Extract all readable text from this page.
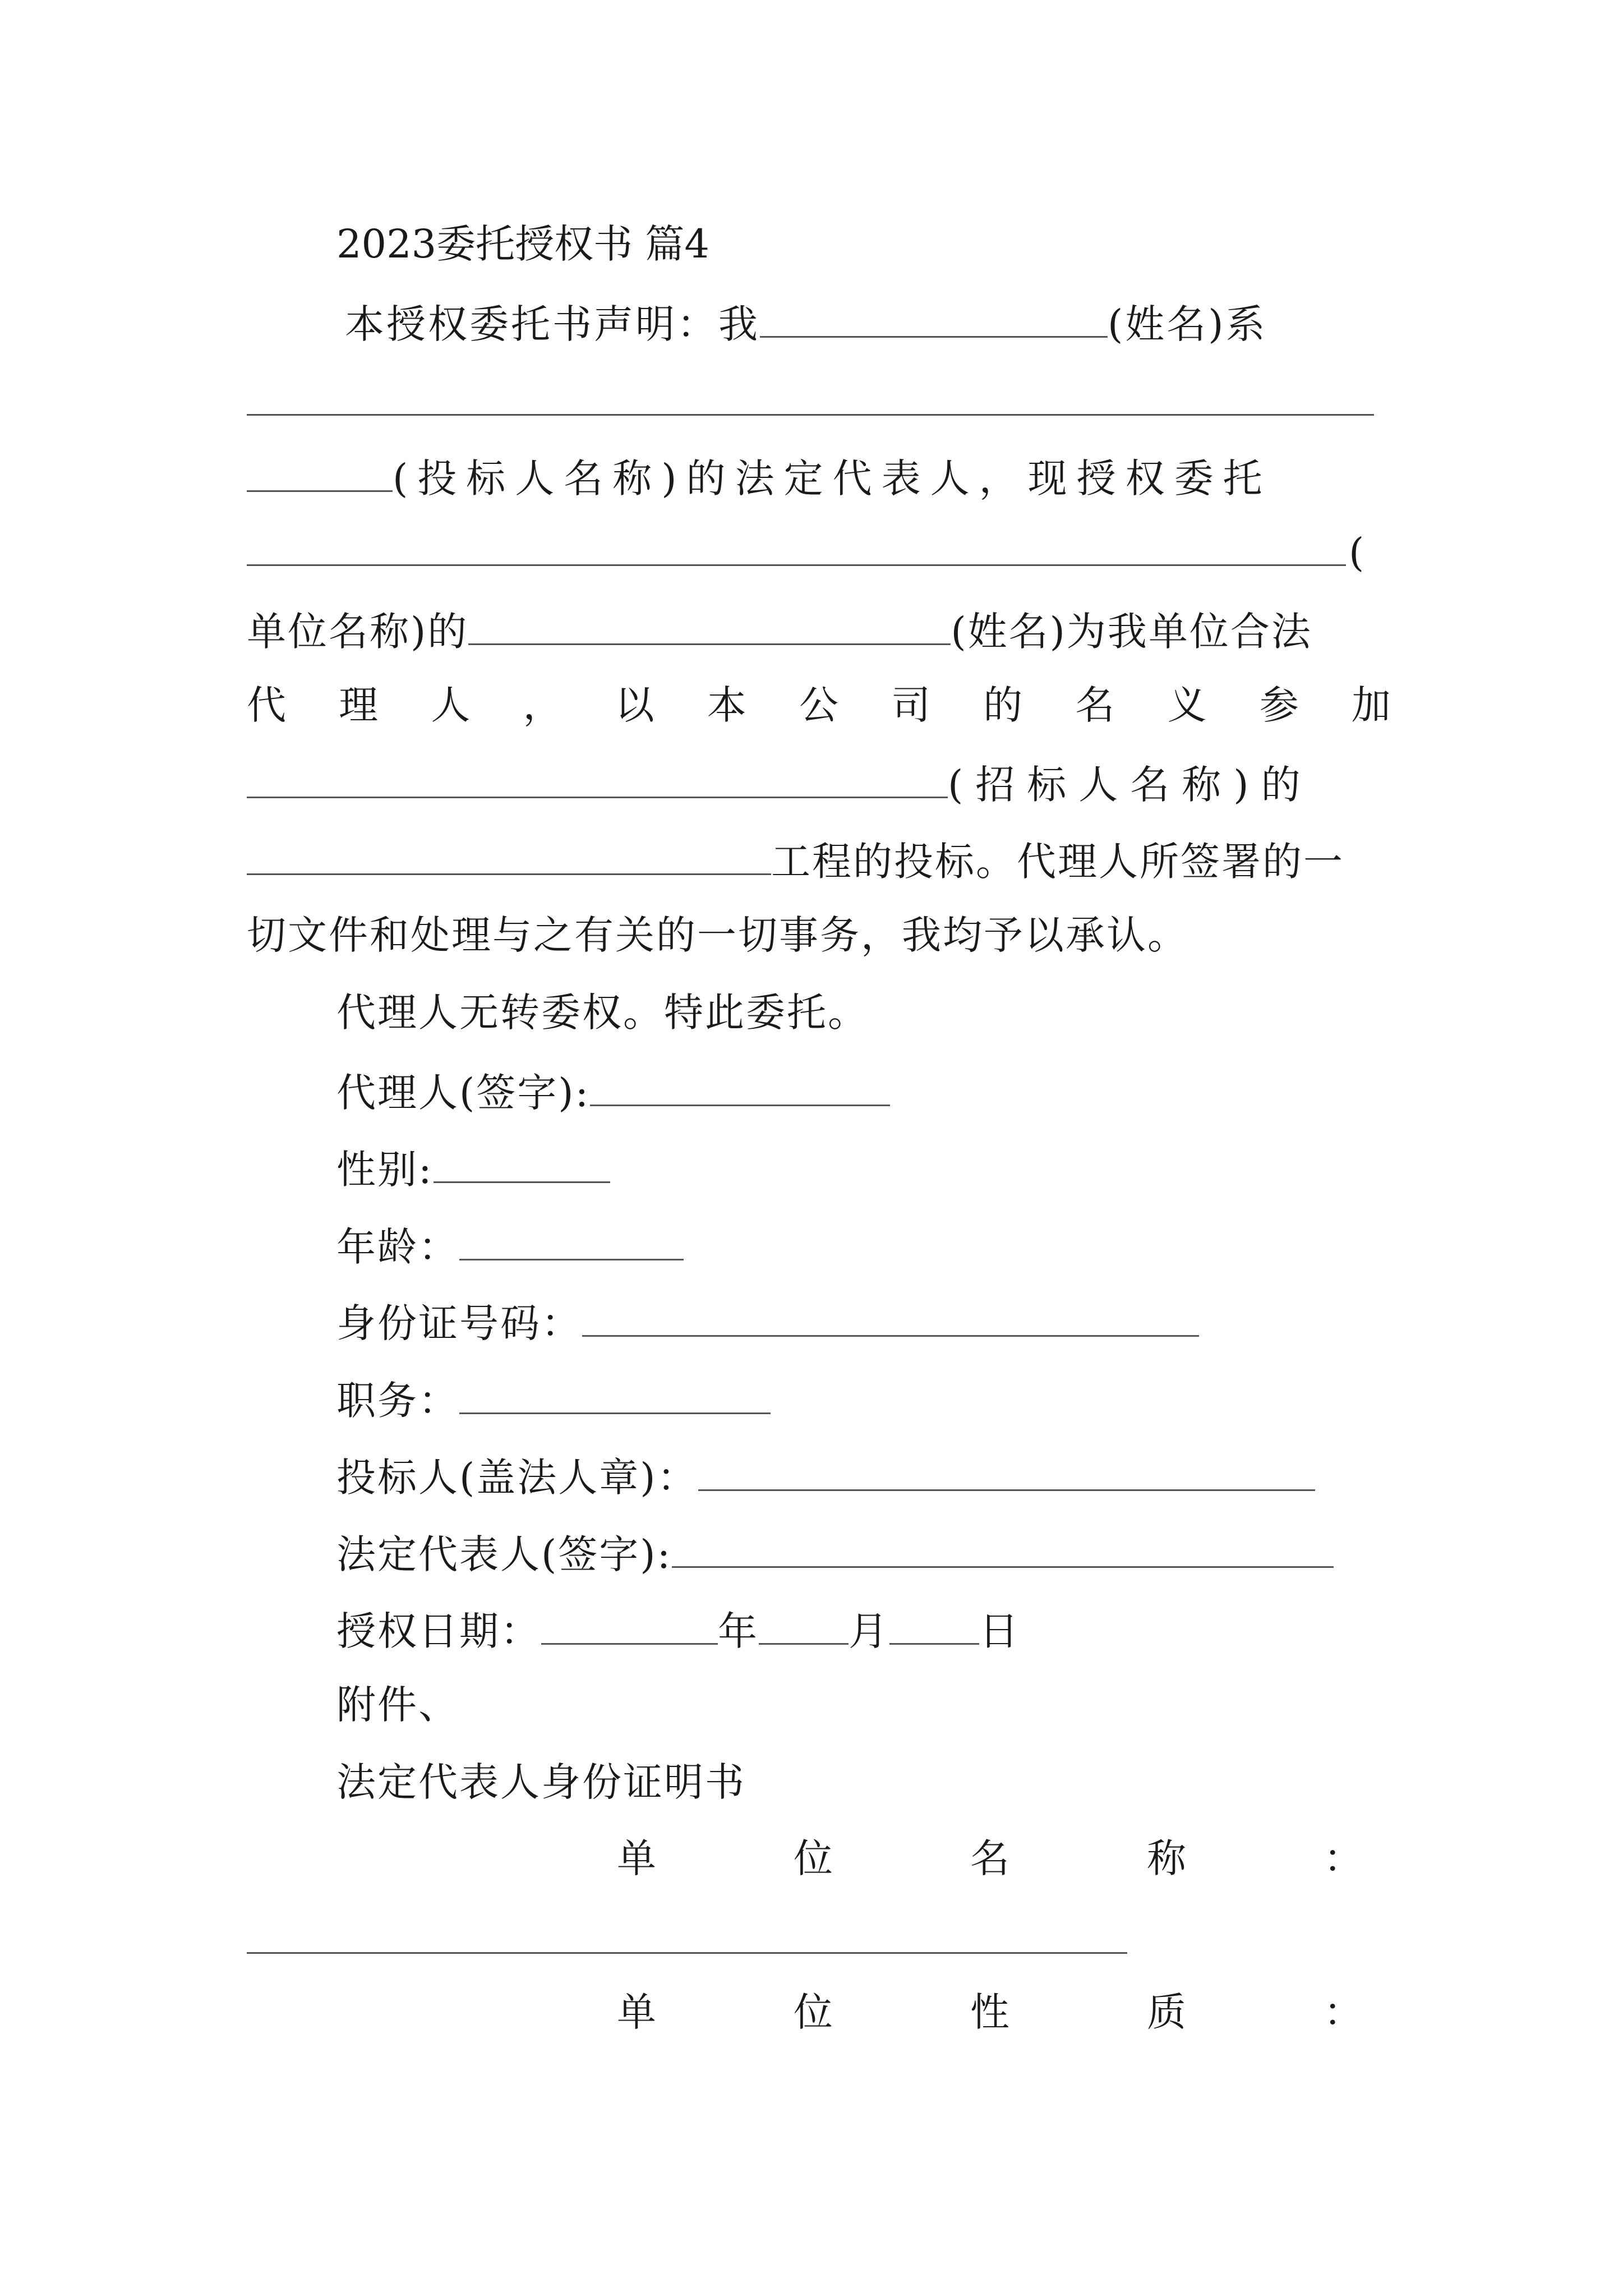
2023委托授权书 篇4
本授权委托书声明：我	(姓名)系
(投标人名称)的法定代表人，现授权委托
(
单位名称)的	(姓名)为我单位合法
代 理 人 ， 以 本 公 司 的 名 义 参 加
(招标人名称)的
工程的投标。代理人所签署的一
切文件和处理与之有关的一切事务，我均予以承认。
代理人无转委权。特此委托。
代理人(签字):
性别:
年龄：
身份证号码：
职务：
投标人(盖法人章)：
法定代表人(签字):
授权日期：	年 月 日
附件、
法定代表人身份证明书
单	位	名	称	：
单	位	性	质	：
